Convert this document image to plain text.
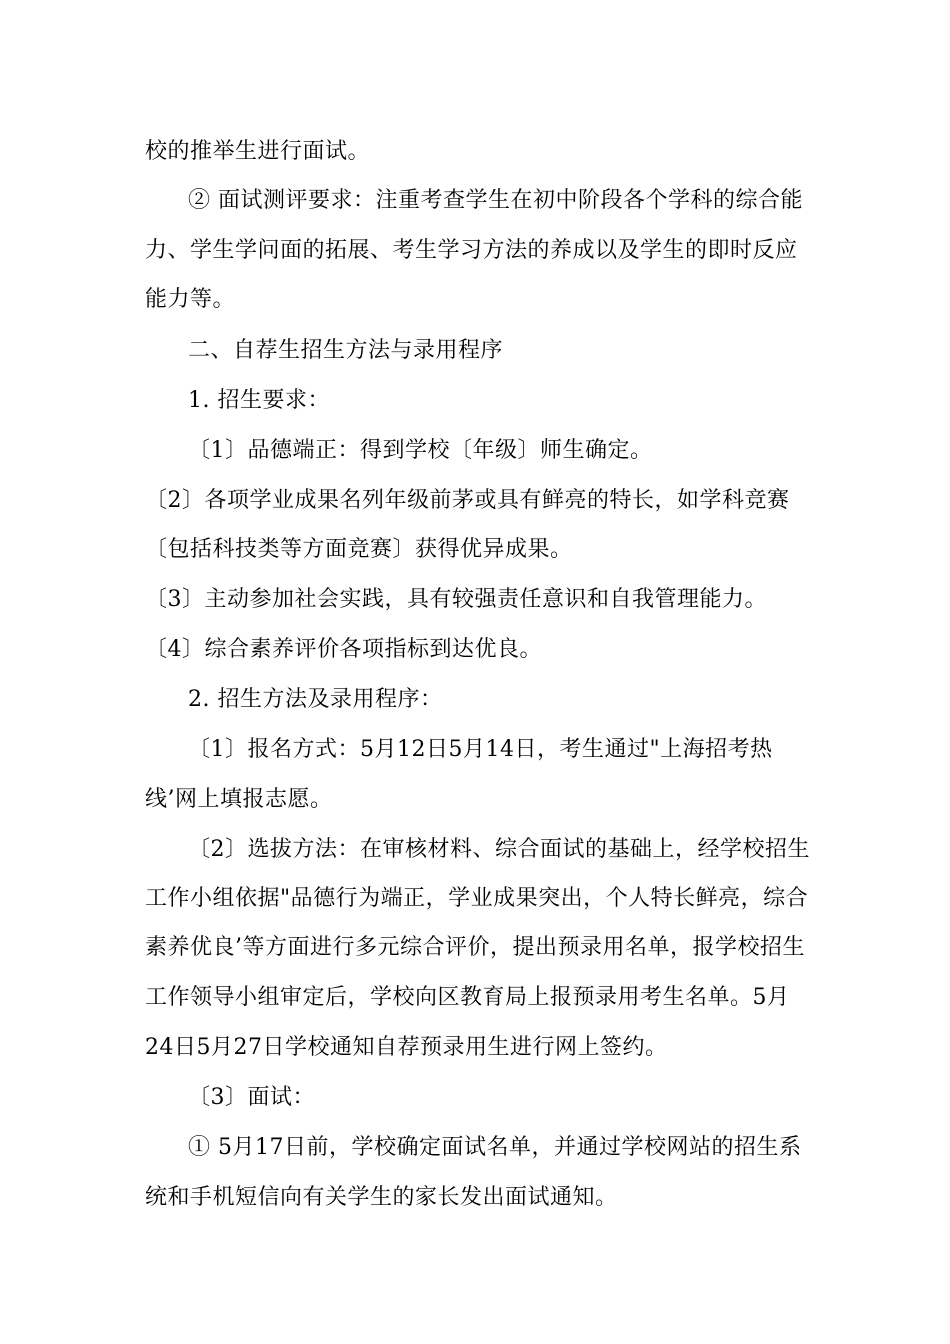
校的推举生进行面试。
② 面试测评要求：注重考查学生在初中阶段各个学科的综合能
力、学生学问面的拓展、考生学习方法的养成以及学生的即时反应
能力等。
二、自荐生招生方法与录用程序
1. 招生要求：
〔1〕品德端正：得到学校〔年级〕师生确定。
〔2〕各项学业成果名列年级前茅或具有鲜亮的特长，如学科竞赛
〔包括科技类等方面竞赛〕获得优异成果。
〔3〕主动参加社会实践，具有较强责任意识和自我管理能力。
〔4〕综合素养评价各项指标到达优良。
2. 招生方法及录用程序：
〔1〕报名方式：5月12日5月14日，考生通过"上海招考热
线’网上填报志愿。
〔2〕选拔方法：在审核材料、综合面试的基础上，经学校招生
工作小组依据"品德行为端正，学业成果突出，个人特长鲜亮，综合
素养优良’等方面进行多元综合评价，提出预录用名单，报学校招生
工作领导小组审定后，学校向区教育局上报预录用考生名单。5月
24日5月27日学校通知自荐预录用生进行网上签约。
〔3〕面试：
① 5月17日前，学校确定面试名单，并通过学校网站的招生系
统和手机短信向有关学生的家长发出面试通知。
